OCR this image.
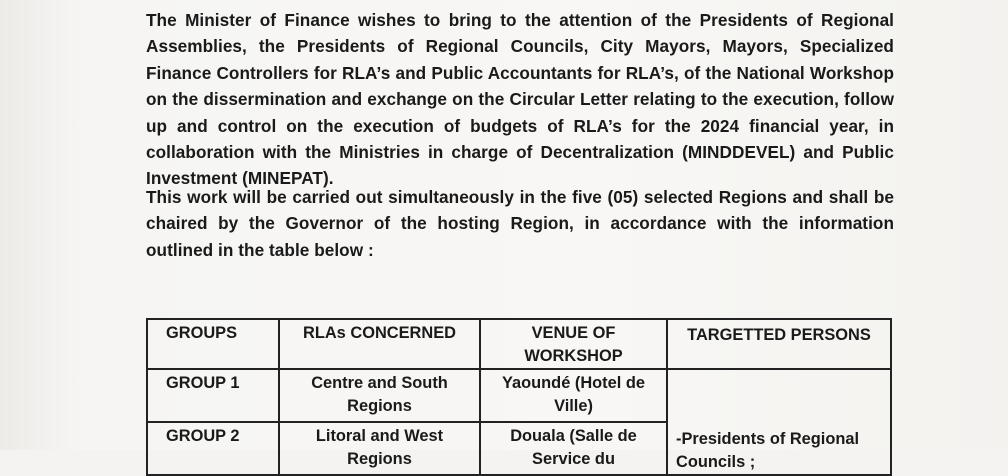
The Minister of Finance wishes to bring to the attention of the Presidents of Regional Assemblies, the Presidents of Regional Councils, City Mayors, Mayors, Specialized Finance Controllers for RLA’s and Public Accountants for RLA’s, of the National Workshop on the dissermination and exchange on the Circular Letter relating to the execution, follow up and control on the execution of budgets of RLA’s for the 2024 financial year, in collaboration with the Ministries in charge of Decentralization (MINDDEVEL) and Public Investment (MINEPAT).

This work will be carried out simultaneously in the five (05) selected Regions and shall be chaired by the Governor of the hosting Region, in accordance with the information outlined in the table below :

GROUPS	RLAs CONCERNED	VENUE OF WORKSHOP	TARGETTED PERSONS
GROUP 1	Centre and South Regions	Yaoundé (Hotel de Ville)	-Presidents of Regional Councils ;

GROUP 2	Litoral and West Regions	Douala (Salle de Service du	
